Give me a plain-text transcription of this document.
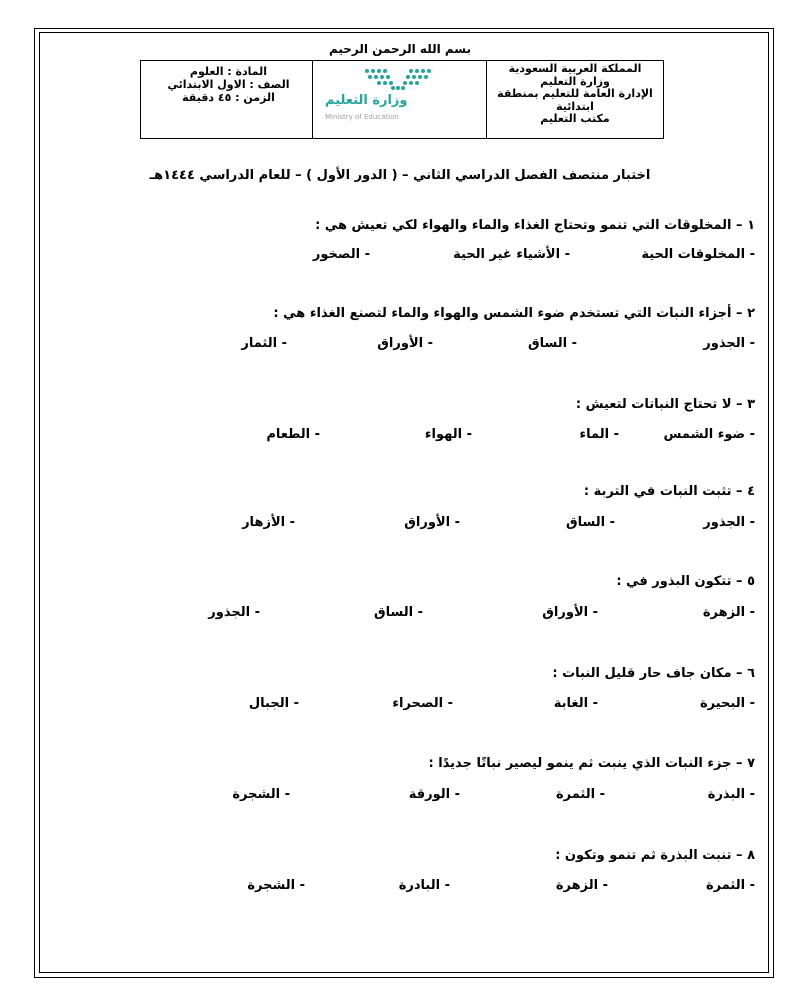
بسم الله الرحمن الرحيم
المادة : العلوم
الصف : الاول الابتدائي
الزمن : ٤٥ دقيقة	وزارة التعليم
Ministry of Education
المملكة العربية السعودية
وزارة التعليم
الإدارة العامة للتعليم بمنطقة
ابتدائية
مكتب التعليم
اختبار منتصف الفصل الدراسي الثاني – ( الدور الأول ) – للعام الدراسي ١٤٤٤هـ
١ – المخلوقات التي تنمو وتحتاج الغذاء والماء والهواء لكي تعيش هي :
- المخلوقات الحية
- الأشياء غير الحية
- الصخور
٢ – أجزاء النبات التي تستخدم ضوء الشمس والهواء والماء لتصنع الغذاء هي :
- الجذور
- الساق
- الأوراق
- الثمار
٣ – لا تحتاج النباتات لتعيش :
- ضوء الشمس
- الماء
- الهواء
- الطعام
٤ – تثبت النبات في التربة :
- الجذور
- الساق
- الأوراق
- الأزهار
٥ – تتكون البذور في :
- الزهرة
- الأوراق
- الساق
- الجذور
٦ – مكان جاف حار قليل النبات :
- البحيرة
- الغابة
- الصحراء
- الجبال
٧ – جزء النبات الذي ينبت ثم ينمو ليصير نباتًا جديدًا :
- البذرة
- الثمرة
- الورقة
- الشجرة
٨ – تنبت البذرة ثم تنمو وتكون :
- الثمرة
- الزهرة
- البادرة
- الشجرة
